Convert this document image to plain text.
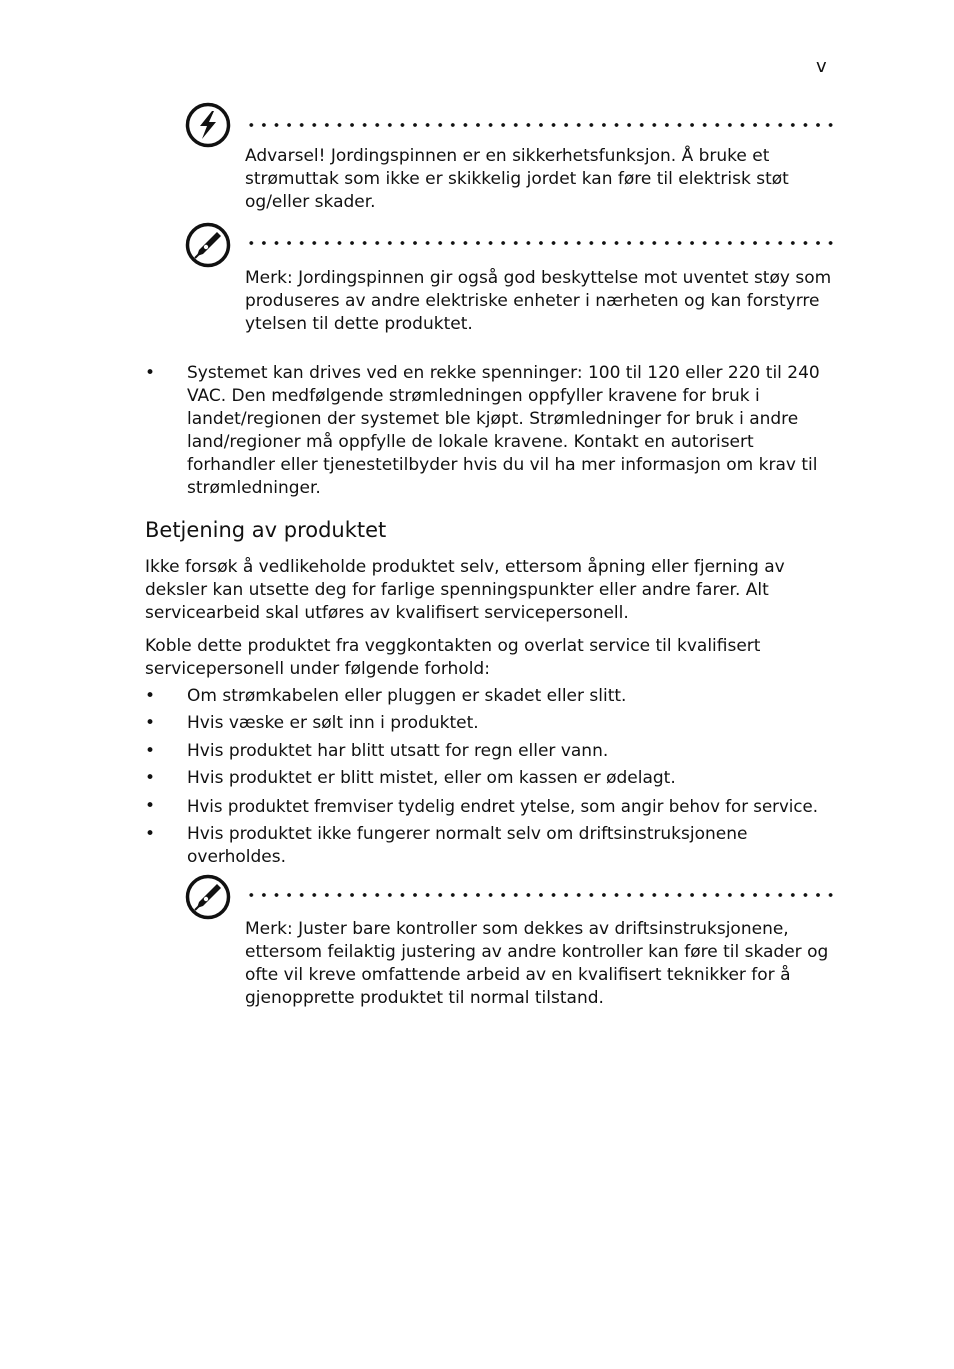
v
Advarsel! Jordingspinnen er en sikkerhetsfunksjon. Å bruke et strømuttak som ikke er skikkelig jordet kan føre til elektrisk støt og/eller skader.
Merk: Jordingspinnen gir også god beskyttelse mot uventet støy som produseres av andre elektriske enheter i nærheten og kan forstyrre ytelsen til dette produktet.
• Systemet kan drives ved en rekke spenninger: 100 til 120 eller 220 til 240 VAC. Den medfølgende strømledningen oppfyller kravene for bruk i landet/regionen der systemet ble kjøpt. Strømledninger for bruk i andre land/regioner må oppfylle de lokale kravene. Kontakt en autorisert forhandler eller tjenestetilbyder hvis du vil ha mer informasjon om krav til strømledninger.
Betjening av produktet

Ikke forsøk å vedlikeholde produktet selv, ettersom åpning eller fjerning av deksler kan utsette deg for farlige spenningspunkter eller andre farer. Alt servicearbeid skal utføres av kvalifisert servicepersonell.

Koble dette produktet fra veggkontakten og overlat service til kvalifisert servicepersonell under følgende forhold:

• Om strømkabelen eller pluggen er skadet eller slitt.
• Hvis væske er sølt inn i produktet.
• Hvis produktet har blitt utsatt for regn eller vann.
• Hvis produktet er blitt mistet, eller om kassen er ødelagt.
• Hvis produktet fremviser tydelig endret ytelse, som angir behov for service.
• Hvis produktet ikke fungerer normalt selv om driftsinstruksjonene overholdes.
Merk: Juster bare kontroller som dekkes av driftsinstruksjonene, ettersom feilaktig justering av andre kontroller kan føre til skader og ofte vil kreve omfattende arbeid av en kvalifisert teknikker for å gjenopprette produktet til normal tilstand.
